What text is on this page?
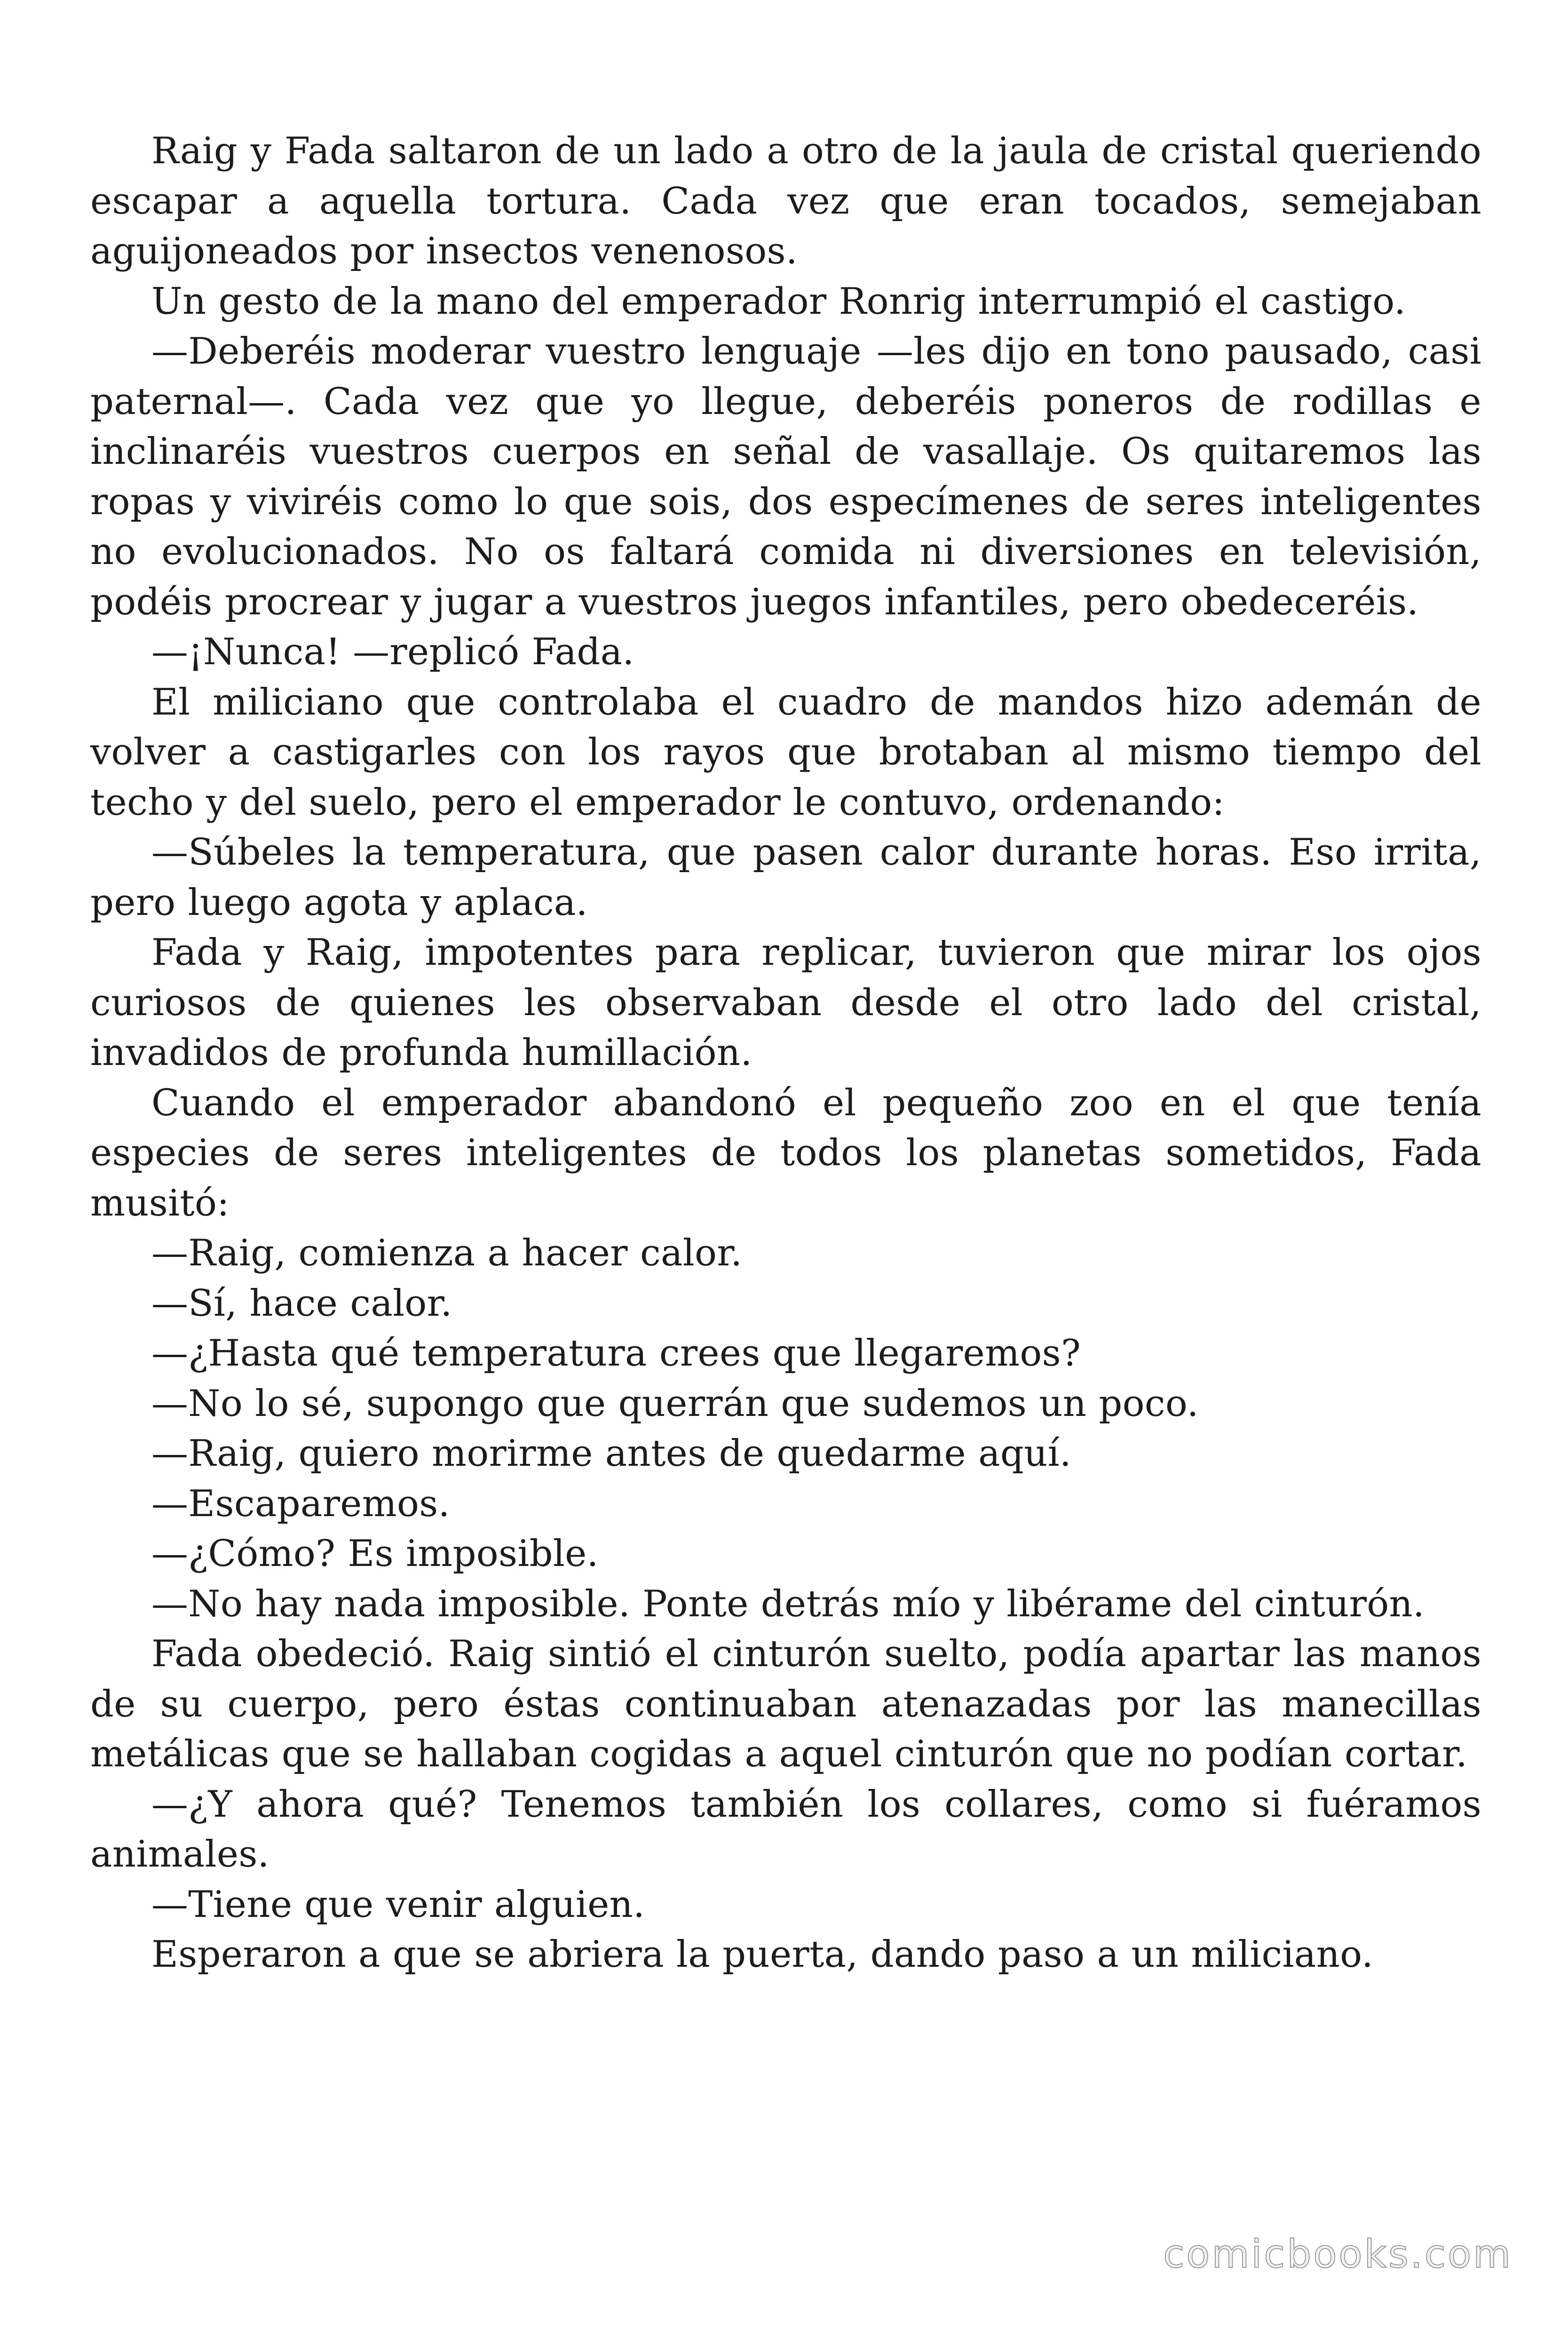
Raig y Fada saltaron de un lado a otro de la jaula de cristal queriendo escapar a aquella tortura. Cada vez que eran tocados, semejaban aguijoneados por insectos venenosos.

Un gesto de la mano del emperador Ronrig interrumpió el castigo.

—Deberéis moderar vuestro lenguaje —les dijo en tono pausado, casi paternal—. Cada vez que yo llegue, deberéis poneros de rodillas e inclinaréis vuestros cuerpos en señal de vasallaje. Os quitaremos las ropas y viviréis como lo que sois, dos especímenes de seres inteligentes no evolucionados. No os faltará comida ni diversiones en televisión, podéis procrear y jugar a vuestros juegos infantiles, pero obedeceréis.

—¡Nunca! —replicó Fada.

El miliciano que controlaba el cuadro de mandos hizo ademán de volver a castigarles con los rayos que brotaban al mismo tiempo del techo y del suelo, pero el emperador le contuvo, ordenando:

—Súbeles la temperatura, que pasen calor durante horas. Eso irrita, pero luego agota y aplaca.

Fada y Raig, impotentes para replicar, tuvieron que mirar los ojos curiosos de quienes les observaban desde el otro lado del cristal, invadidos de profunda humillación.

Cuando el emperador abandonó el pequeño zoo en el que tenía especies de seres inteligentes de todos los planetas sometidos, Fada musitó:

—Raig, comienza a hacer calor.

—Sí, hace calor.

—¿Hasta qué temperatura crees que llegaremos?

—No lo sé, supongo que querrán que sudemos un poco.

—Raig, quiero morirme antes de quedarme aquí.

—Escaparemos.

—¿Cómo? Es imposible.

—No hay nada imposible. Ponte detrás mío y libérame del cinturón.

Fada obedeció. Raig sintió el cinturón suelto, podía apartar las manos de su cuerpo, pero éstas continuaban atenazadas por las manecillas metálicas que se hallaban cogidas a aquel cinturón que no podían cortar.

—¿Y ahora qué? Tenemos también los collares, como si fuéramos animales.

—Tiene que venir alguien.

Esperaron a que se abriera la puerta, dando paso a un miliciano.

comicbooks.com
